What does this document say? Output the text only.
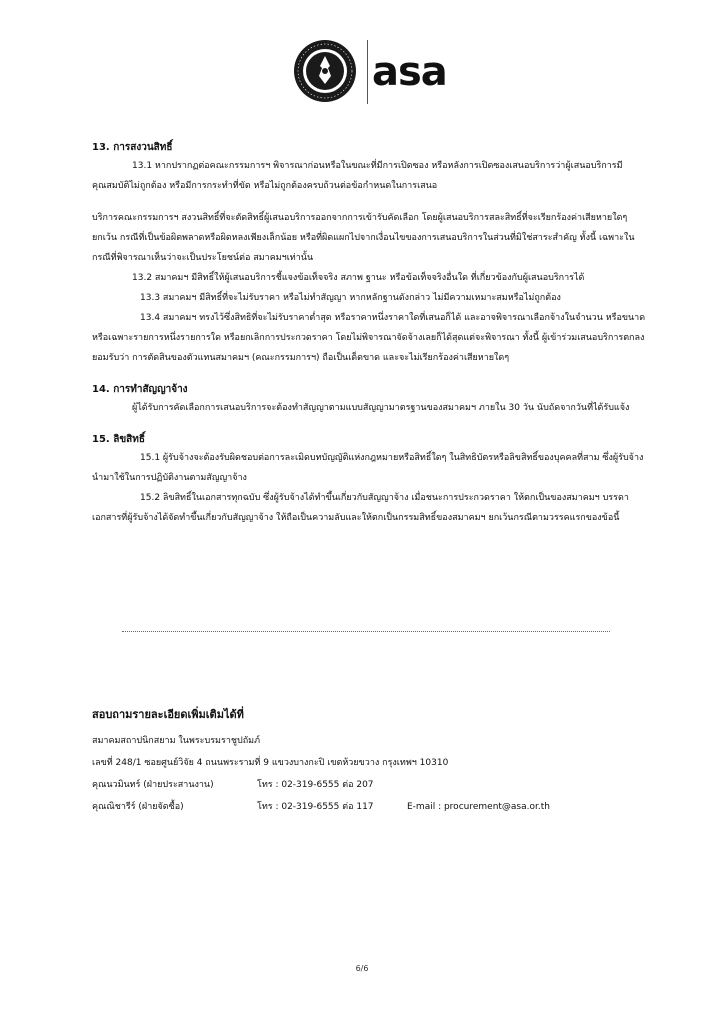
asa

13. การสงวนสิทธิ์

13.1 หากปรากฏต่อคณะกรรมการฯ พิจารณาก่อนหรือในขณะที่มีการเปิดซอง หรือหลังการเปิดซองเสนอบริการว่าผู้เสนอบริการมีคุณสมบัติไม่ถูกต้อง หรือมีการกระทำที่ขัด หรือไม่ถูกต้องครบถ้วนต่อข้อกำหนดในการเสนอ

บริการคณะกรรมการฯ สงวนสิทธิ์ที่จะตัดสิทธิ์ผู้เสนอบริการออกจากการเข้ารับคัดเลือก โดยผู้เสนอบริการสละสิทธิ์ที่จะเรียกร้องค่าเสียหายใดๆ ยกเว้น กรณีที่เป็นข้อผิดพลาดหรือผิดหลงเพียงเล็กน้อย หรือที่ผิดแผกไปจากเงื่อนไขของการเสนอบริการในส่วนที่มิใช่สาระสำคัญ ทั้งนี้ เฉพาะในกรณีที่พิจารณาเห็นว่าจะเป็นประโยชน์ต่อ สมาคมฯเท่านั้น

13.2 สมาคมฯ มีสิทธิ์ให้ผู้เสนอบริการชี้แจงข้อเท็จจริง สภาพ ฐานะ หรือข้อเท็จจริงอื่นใด ที่เกี่ยวข้องกับผู้เสนอบริการได้

13.3 สมาคมฯ มีสิทธิ์ที่จะไม่รับราคา หรือไม่ทำสัญญา หากหลักฐานดังกล่าว ไม่มีความเหมาะสมหรือไม่ถูกต้อง

13.4 สมาคมฯ ทรงไว้ซึ่งสิทธิที่จะไม่รับราคาต่ำสุด หรือราคาหนึ่งราคาใดที่เสนอก็ได้ และอาจพิจารณาเลือกจ้างในจำนวน หรือขนาด หรือเฉพาะรายการหนึ่งรายการใด หรือยกเลิกการประกวดราคา โดยไม่พิจารณาจัดจ้างเลยก็ได้สุดแต่จะพิจารณา ทั้งนี้ ผู้เข้าร่วมเสนอบริการตกลงยอมรับว่า การตัดสินของตัวแทนสมาคมฯ (คณะกรรมการฯ) ถือเป็นเด็ดขาด และจะไม่เรียกร้องค่าเสียหายใดๆ

14. การทำสัญญาจ้าง

ผู้ได้รับการคัดเลือกการเสนอบริการจะต้องทำสัญญาตามแบบสัญญามาตรฐานของสมาคมฯ ภายใน 30 วัน นับถัดจากวันที่ได้รับแจ้ง

15. ลิขสิทธิ์

15.1 ผู้รับจ้างจะต้องรับผิดชอบต่อการละเมิดบทบัญญัติแห่งกฎหมายหรือสิทธิ์ใดๆ ในสิทธิบัตรหรือลิขสิทธิ์ของบุคคลที่สาม ซึ่งผู้รับจ้างนำมาใช้ในการปฏิบัติงานตามสัญญาจ้าง

15.2 ลิขสิทธิ์ในเอกสารทุกฉบับ ซึ่งผู้รับจ้างได้ทำขึ้นเกี่ยวกับสัญญาจ้าง เมื่อชนะการประกวดราคา ให้ตกเป็นของสมาคมฯ บรรดาเอกสารที่ผู้รับจ้างได้จัดทำขึ้นเกี่ยวกับสัญญาจ้าง ให้ถือเป็นความลับและให้ตกเป็นกรรมสิทธิ์ของสมาคมฯ ยกเว้นกรณีตามวรรคแรกของข้อนี้

สอบถามรายละเอียดเพิ่มเติมได้ที่

สมาคมสถาปนิกสยาม ในพระบรมราชูปถัมภ์

เลขที่ 248/1 ซอยศูนย์วิจัย 4 ถนนพระรามที่ 9 แขวงบางกะปิ เขตห้วยขวาง กรุงเทพฯ 10310

คุณนวมินทร์ (ฝ่ายประสานงาน)	โทร : 02-319-6555 ต่อ 207

คุณณิชารีร์ (ฝ่ายจัดซื้อ)	โทร : 02-319-6555 ต่อ 117	E-mail : procurement@asa.or.th

6/6
